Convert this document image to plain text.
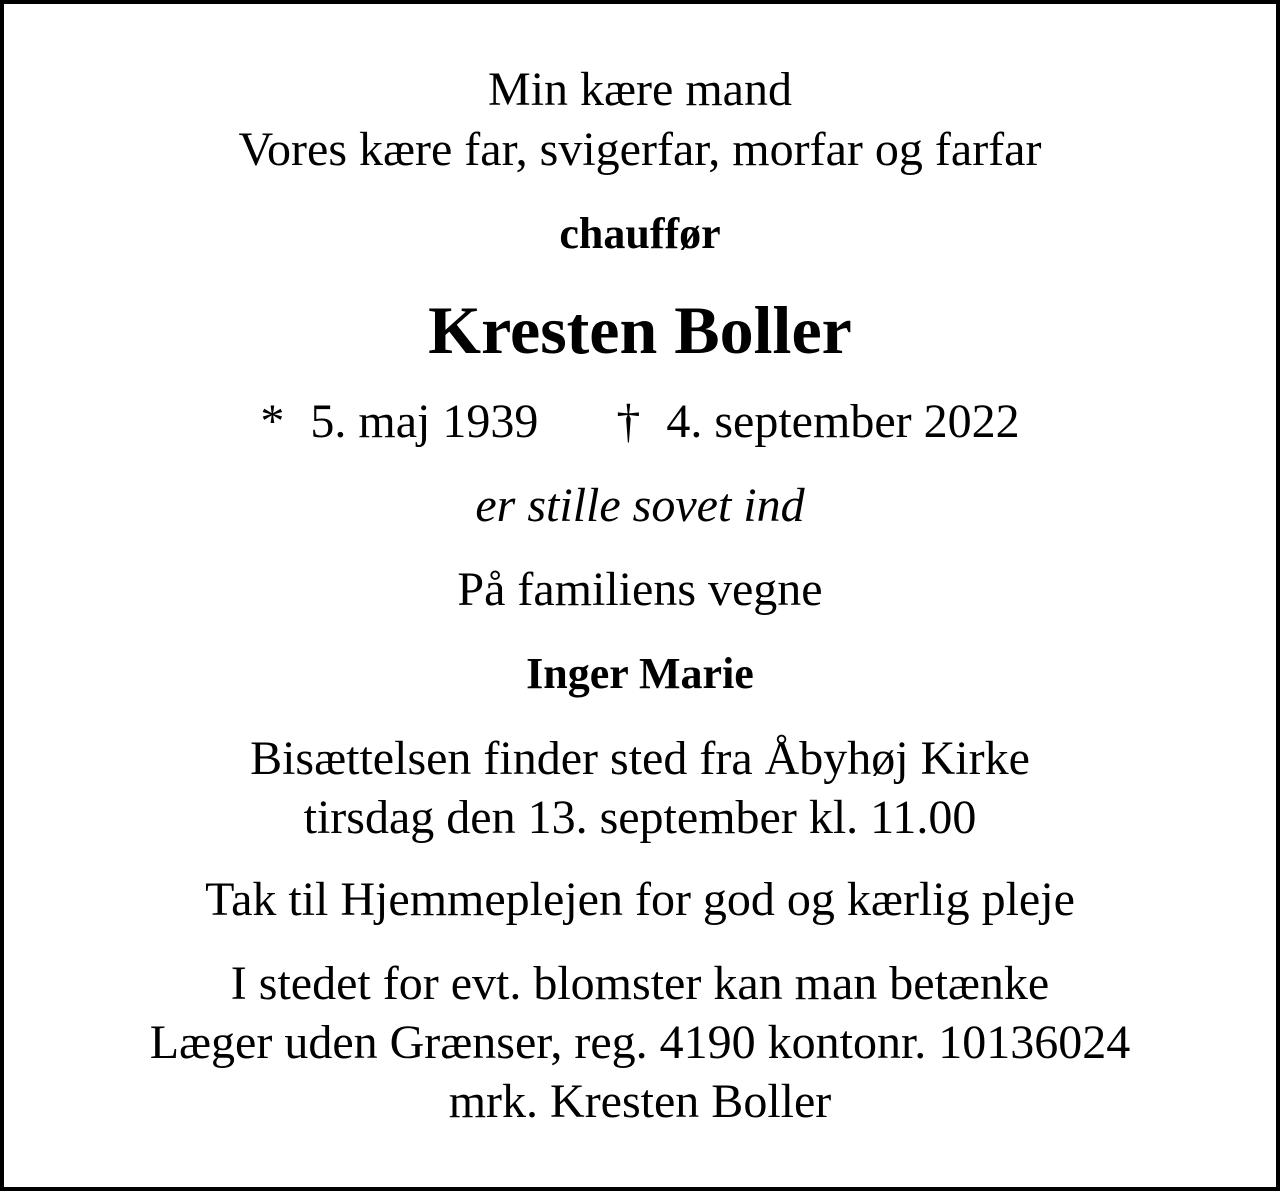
Min kære mand
Vores kære far, svigerfar, morfar og farfar
chauffør
Kresten Boller
* 5. maj 1939 † 4. september 2022
er stille sovet ind
På familiens vegne
Inger Marie
Bisættelsen finder sted fra Åbyhøj Kirke
tirsdag den 13. september kl. 11.00
Tak til Hjemmeplejen for god og kærlig pleje
I stedet for evt. blomster kan man betænke
Læger uden Grænser, reg. 4190 kontonr. 10136024
mrk. Kresten Boller
